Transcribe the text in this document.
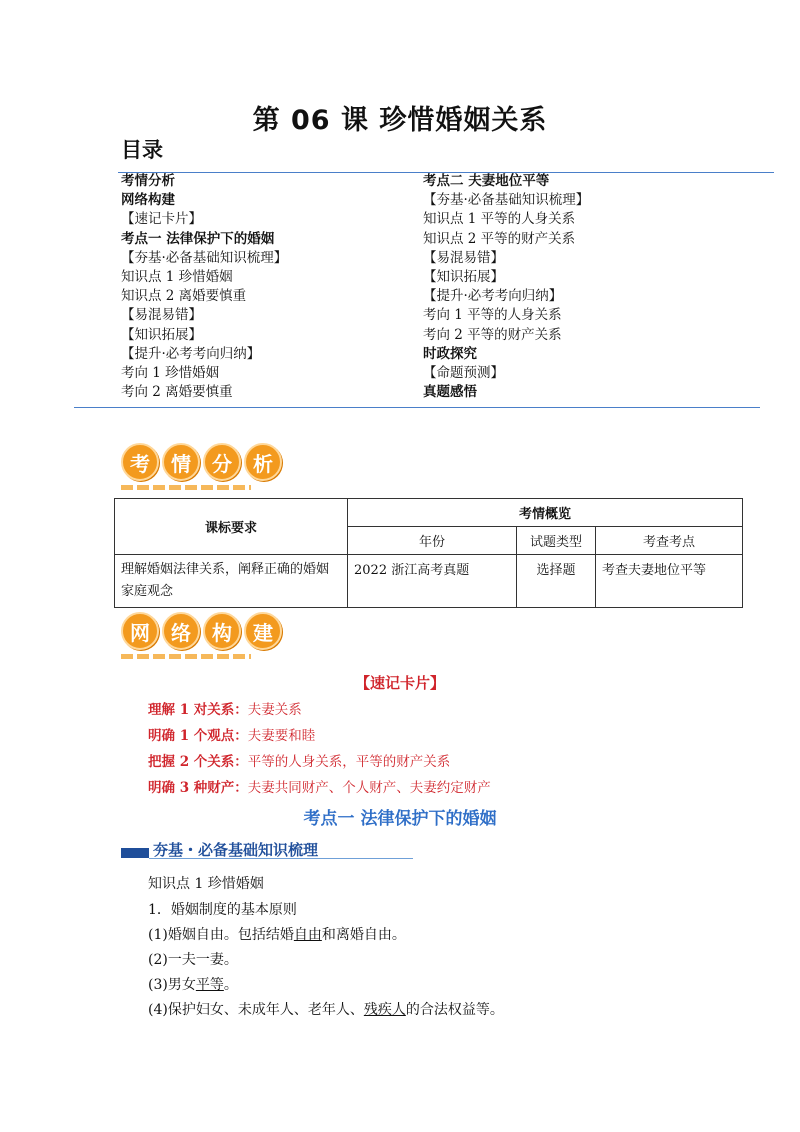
第 06 课 珍惜婚姻关系
目录
考情分析
网络构建
【速记卡片】
考点一 法律保护下的婚姻
【夯基·必备基础知识梳理】
知识点 1 珍惜婚姻
知识点 2 离婚要慎重
【易混易错】
【知识拓展】
【提升·必考考向归纳】
考向 1 珍惜婚姻
考向 2 离婚要慎重
考点二 夫妻地位平等
【夯基·必备基础知识梳理】
知识点 1 平等的人身关系
知识点 2 平等的财产关系
【易混易错】
【知识拓展】
【提升·必考考向归纳】
考向 1 平等的人身关系
考向 2 平等的财产关系
时政探究
【命题预测】
真题感悟
考	情	分	析
课标要求	考情概览		
	年份	试题类型	考查考点
理解婚姻法律关系，阐释正确的婚姻家庭观念	2022 浙江高考真题	选择题	考查夫妻地位平等
网	络	构	建
【速记卡片】
理解 1 对关系：夫妻关系
明确 1 个观点：夫妻要和睦
把握 2 个关系：平等的人身关系，平等的财产关系
明确 3 种财产：夫妻共同财产、个人财产、夫妻约定财产
考点一 法律保护下的婚姻
夯基・必备基础知识梳理
知识点 1 珍惜婚姻
1．婚姻制度的基本原则
(1)婚姻自由。包括结婚自由和离婚自由。
(2)一夫一妻。
(3)男女平等。
(4)保护妇女、未成年人、老年人、残疾人的合法权益等。
